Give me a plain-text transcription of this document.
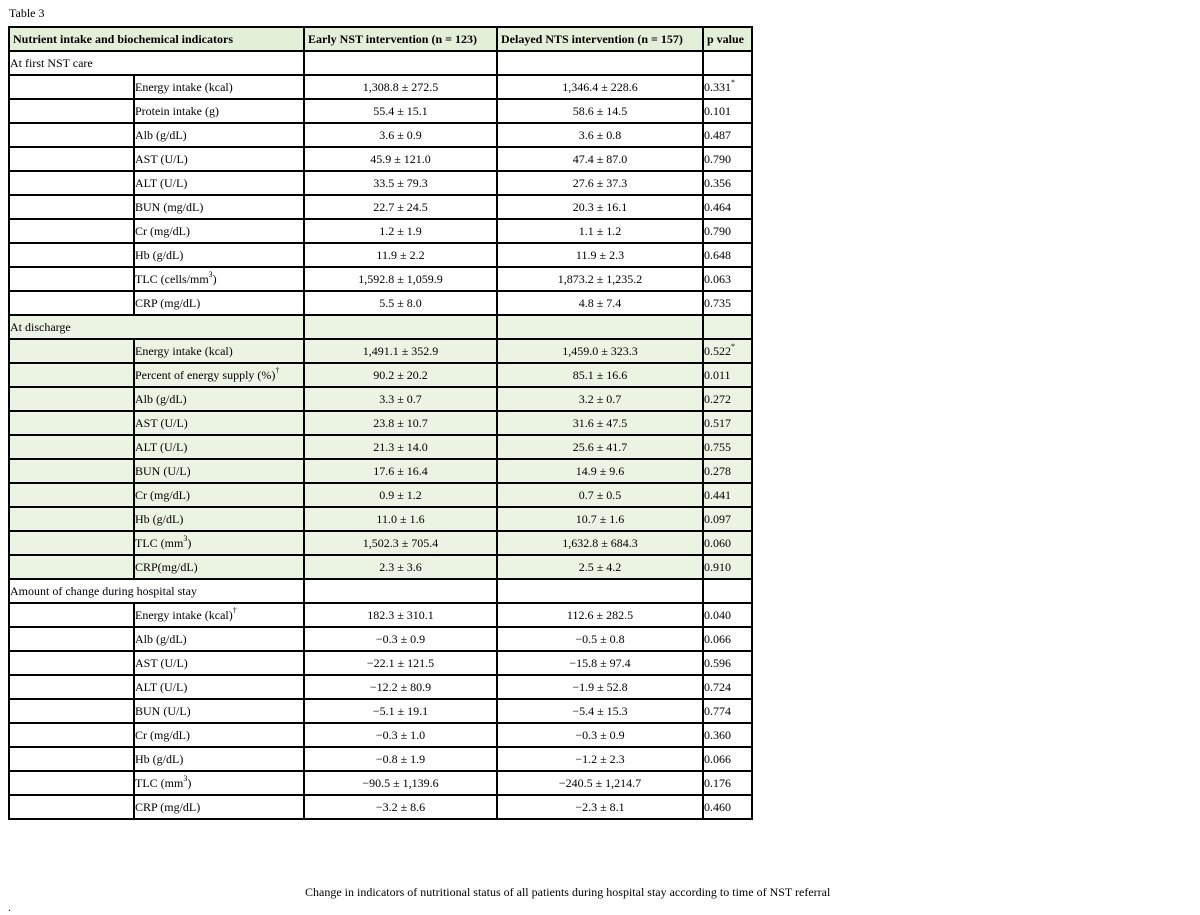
Table 3
Nutrient intake and biochemical indicators		Early NST intervention (n = 123)	Delayed NTS intervention (n = 157)	p value
At first NST care				
	Energy intake (kcal)	1,308.8 ± 272.5	1,346.4 ± 228.6	0.331*
	Protein intake (g)	55.4 ± 15.1	58.6 ± 14.5	0.101
	Alb (g/dL)	3.6 ± 0.9	3.6 ± 0.8	0.487
	AST (U/L)	45.9 ± 121.0	47.4 ± 87.0	0.790
	ALT (U/L)	33.5 ± 79.3	27.6 ± 37.3	0.356
	BUN (mg/dL)	22.7 ± 24.5	20.3 ± 16.1	0.464
	Cr (mg/dL)	1.2 ± 1.9	1.1 ± 1.2	0.790
	Hb (g/dL)	11.9 ± 2.2	11.9 ± 2.3	0.648
	TLC $(cells/mm^3)$	1,592.8 ± 1,059.9	1,873.2 ± 1,235.2	0.063
	CRP (mg/dL)	5.5 ± 8.0	4.8 ± 7.4	0.735
At discharge				
	Energy intake (kcal)	1,491.1 ± 352.9	1,459.0 ± 323.3	0.522*
	Percent of energy supply (%)†	90.2 ± 20.2	85.1 ± 16.6	0.011
	Alb (g/dL)	3.3 ± 0.7	3.2 ± 0.7	0.272
	AST (U/L)	23.8 ± 10.7	31.6 ± 47.5	0.517
	ALT (U/L)	21.3 ± 14.0	25.6 ± 41.7	0.755
	BUN (U/L)	17.6 ± 16.4	14.9 ± 9.6	0.278
	Cr (mg/dL)	0.9 ± 1.2	0.7 ± 0.5	0.441
	Hb (g/dL)	11.0 ± 1.6	10.7 ± 1.6	0.097
	TLC $(mm^3)$	1,502.3 ± 705.4	1,632.8 ± 684.3	0.060
	CRP(mg/dL)	2.3 ± 3.6	2.5 ± 4.2	0.910
Amount of change during hospital stay				
	Energy intake (kcal)†	182.3 ± 310.1	112.6 ± 282.5	0.040
	Alb (g/dL)	−0.3 ± 0.9	−0.5 ± 0.8	0.066
	AST (U/L)	−22.1 ± 121.5	−15.8 ± 97.4	0.596
	ALT (U/L)	−12.2 ± 80.9	−1.9 ± 52.8	0.724
	BUN (U/L)	−5.1 ± 19.1	−5.4 ± 15.3	0.774
	Cr (mg/dL)	−0.3 ± 1.0	−0.3 ± 0.9	0.360
	Hb (g/dL)	−0.8 ± 1.9	−1.2 ± 2.3	0.066
	TLC $(mm^3)$	−90.5 ± 1,139.6	−240.5 ± 1,214.7	0.176
	CRP (mg/dL)	−3.2 ± 8.6	−2.3 ± 8.1	0.460
Change in indicators of nutritional status of all patients during hospital stay according to time of NST referral
.
